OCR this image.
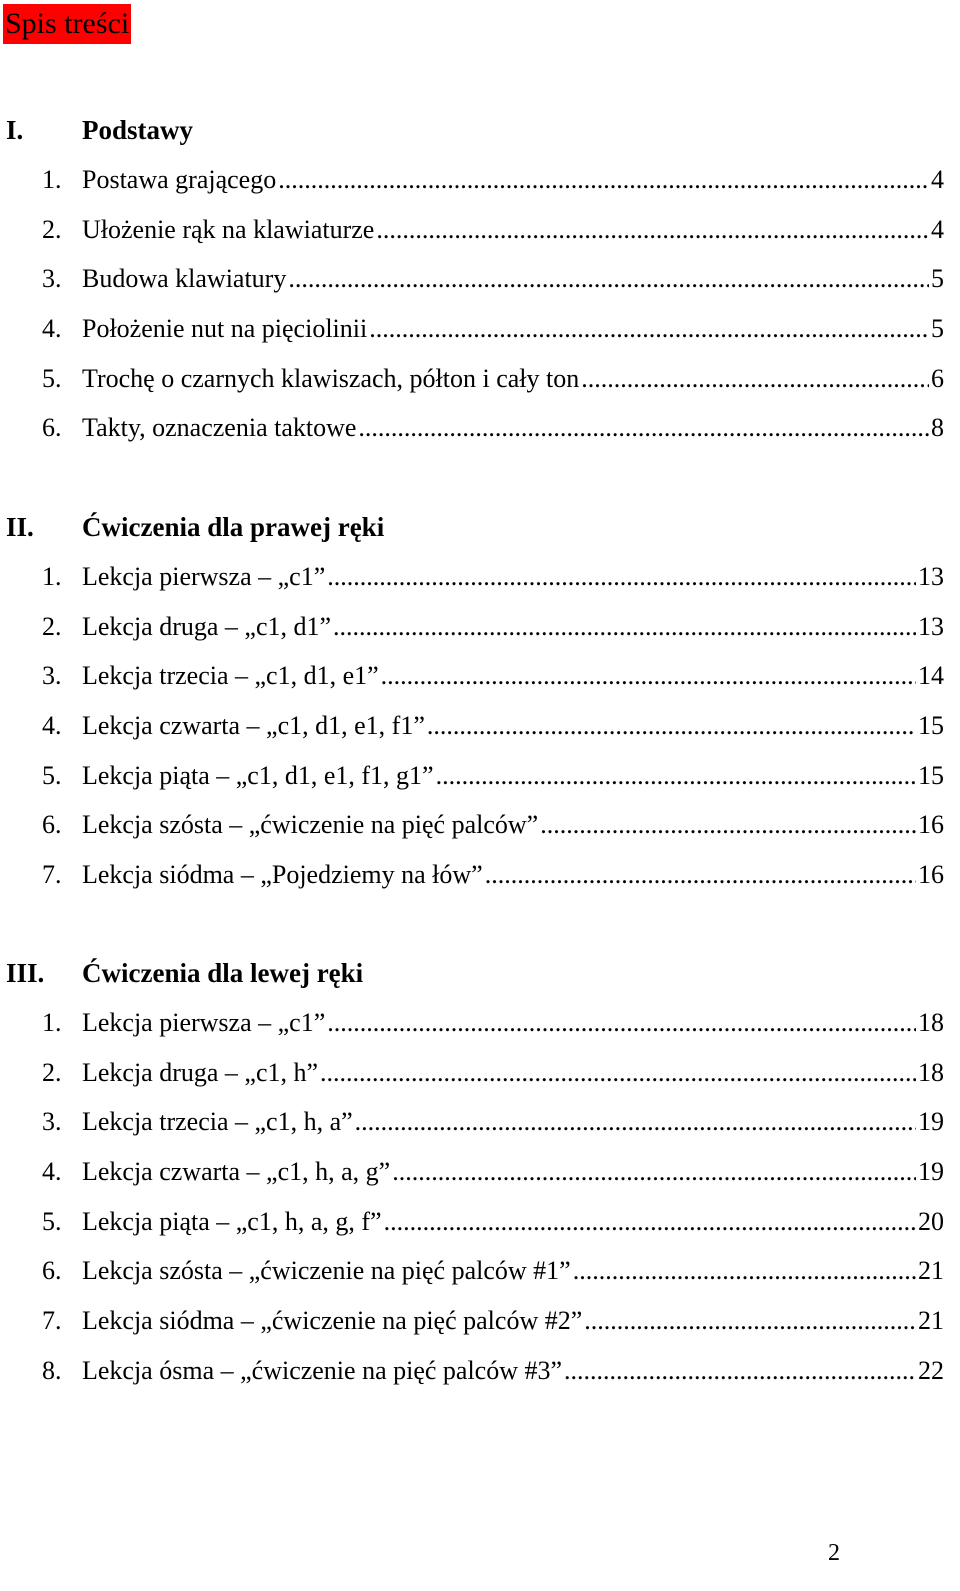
Spis treści
I. Podstawy
1. Postawa grającego .....	4
2. Ułożenie rąk na klawiaturze .....	4
3. Budowa klawiatury .....	5
4. Położenie nut na pięciolinii .....	5
5. Trochę o czarnych klawiszach, półton i cały ton .....	6
6. Takty, oznaczenia taktowe .....	8
II. Ćwiczenia dla prawej ręki
1. Lekcja pierwsza – „c1” .....	13
2. Lekcja druga – „c1, d1” .....	13
3. Lekcja trzecia – „c1, d1, e1” .....	14
4. Lekcja czwarta – „c1, d1, e1, f1” .....	15
5. Lekcja piąta – „c1, d1, e1, f1, g1” .....	15
6. Lekcja szósta – „ćwiczenie na pięć palców” .....	16
7. Lekcja siódma – „Pojedziemy na łów” .....	16
III. Ćwiczenia dla lewej ręki
1. Lekcja pierwsza – „c1” .....	18
2. Lekcja druga – „c1, h” .....	18
3. Lekcja trzecia – „c1, h, a” .....	19
4. Lekcja czwarta – „c1, h, a, g” .....	19
5. Lekcja piąta – „c1, h, a, g, f” .....	20
6. Lekcja szósta – „ćwiczenie na pięć palców #1” .....	21
7. Lekcja siódma – „ćwiczenie na pięć palców #2” .....	21
8. Lekcja ósma – „ćwiczenie na pięć palców #3” .....	22
2
